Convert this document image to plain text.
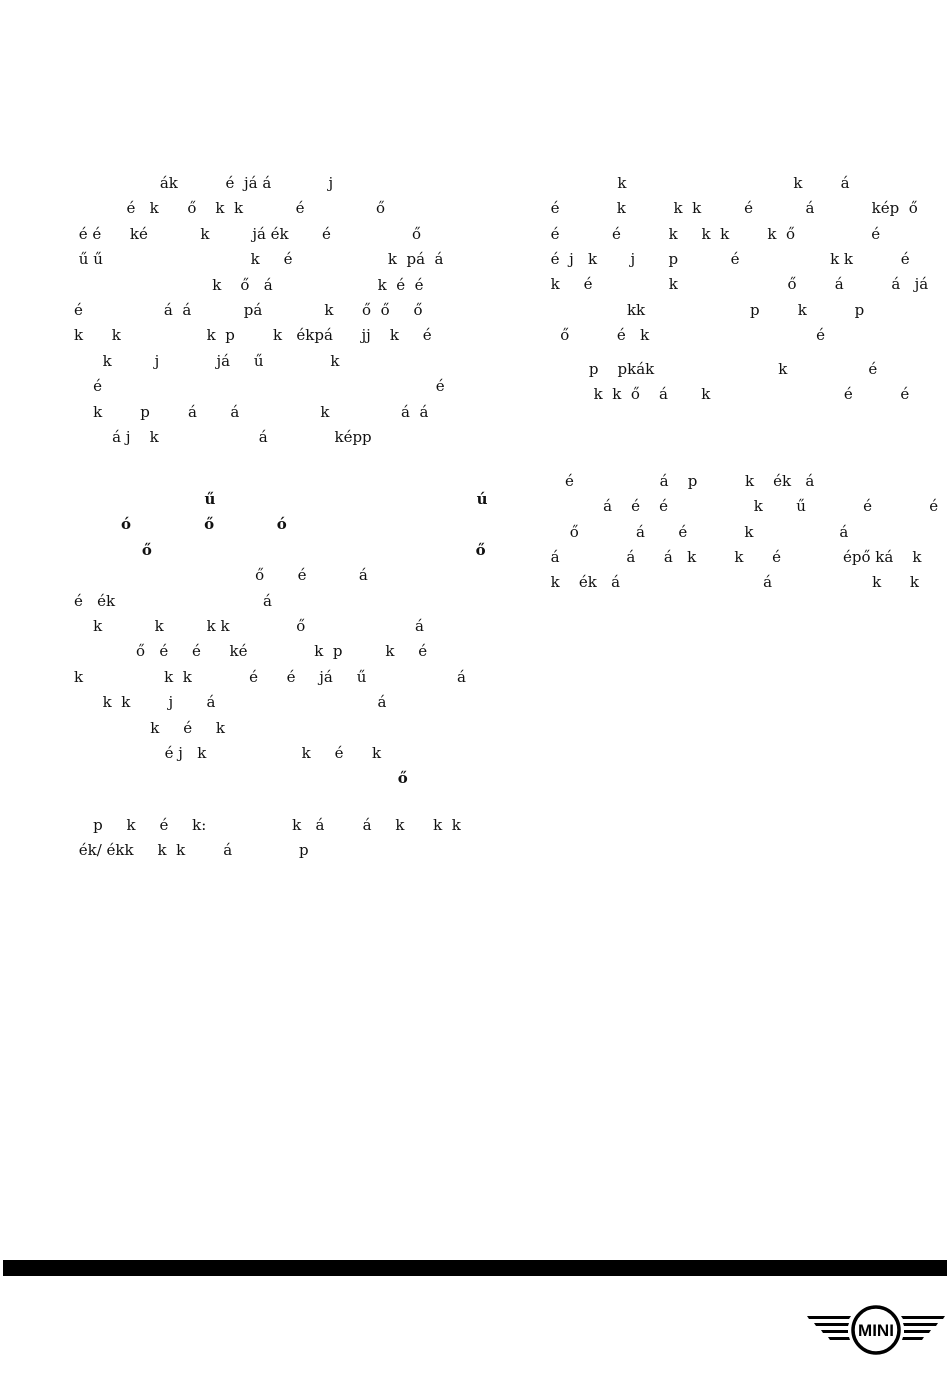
ák          é  já á            j
é   k      ő    k  k           é               ő
é é      ké           k         já ék       é                 ő
ű ű                               k     é                    k  pá  á
k    ő   á                      k  é  é
é                 á  á           pá             k      ő  ő     ő
k      k                  k  p        k   ékpá      jj    k     é
k         j            já     ű              k
é                                                                      é
k        p        á       á                 k               á  á
á j    k                     á              képp
ű                                                  ú
ó              ő            ó
ő                                                              ő
ő       é           á
é   ék                               á
k           k         k k              ő                       á
ő   é     é      ké              k  p         k     é
k                 k  k            é      é     já     ű                   á
k  k        j       á                                  á
k     é     k
é j   k                    k     é      k
ő
p     k     é     k:                  k   á        á     k      k  k
ék/ ékk     k  k        á              p
k                                   k        á
é            k          k  k         é           á            kép  ő
é           é          k     k  k        k  ő                é
é  j   k       j       p           é                   k k          é
k     é                k                       ő        á          á   já
kk                      p        k          p
ő          é   k                                   é
p    pkák                          k                 é
k  k  ő    á       k                            é          é
é                  á    p          k    ék   á
á    é    é                  k       ű            é            é
ő            á       é            k                  á
á              á      á   k        k      é             épő ká    k
k    ék   á                              á                     k      k
MINI
